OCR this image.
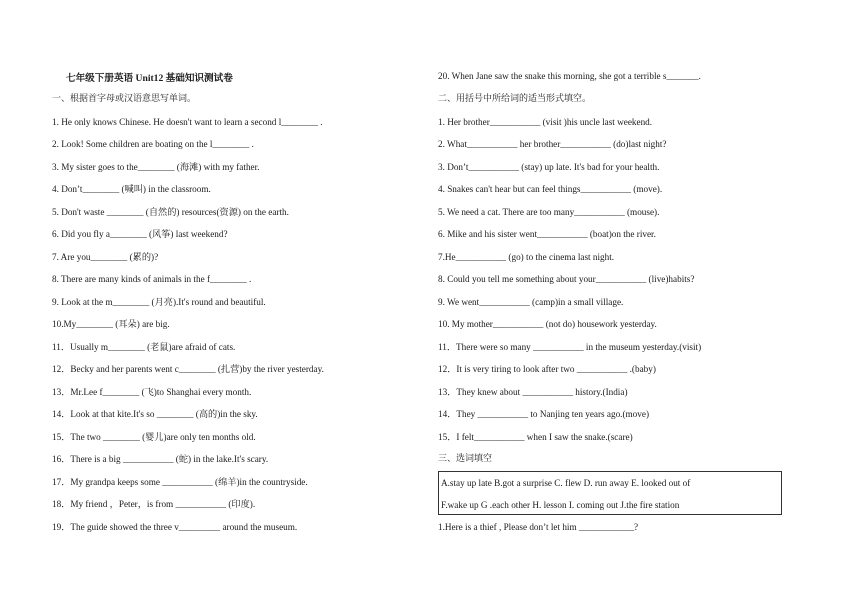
七年级下册英语 Unit12 基础知识测试卷
一、根据首字母或汉语意思写单词。
1. He only knows Chinese. He doesn't want to learn a second l________ .
2. Look! Some children are boating on the l________ .
3. My sister goes to the________ (海滩) with my father.
4. Don’t________ (喊叫) in the classroom.
5. Don't waste ________ (自然的) resources(资源) on the earth.
6. Did you fly a________ (风筝) last weekend?
7. Are you________ (累的)?
8. There are many kinds of animals in the f________ .
9. Look at the m________ (月亮).It's round and beautiful.
10.My________ (耳朵) are big.
11．Usually m________ (老鼠)are afraid of cats.
12．Becky and her parents went c________ (扎营)by the river yesterday.
13．Mr.Lee f________ (飞)to Shanghai every month.
14．Look at that kite.It's so ________ (高的)in the sky.
15．The two ________ (婴儿)are only ten months old.
16．There is a big ___________ (蛇) in the lake.It's scary.
17．My grandpa keeps some ___________ (绵羊)in the countryside.
18．My friend ，Peter，is from ___________ (印度).
19．The guide showed the three v_________ around the museum.
20. When Jane saw the snake this morning, she got a terrible s_______.
二、用括号中所给词的适当形式填空。
1. Her brother___________ (visit )his uncle last weekend.
2. What___________ her brother___________ (do)last night?
3. Don’t___________ (stay) up late. It's bad for your health.
4. Snakes can't hear but can feel things___________ (move).
5. We need a cat. There are too many___________ (mouse).
6. Mike and his sister went___________ (boat)on the river.
7.He___________ (go) to the cinema last night.
8. Could you tell me something about your___________ (live)habits?
9. We went___________ (camp)in a small village.
10. My mother___________ (not do) housework yesterday.
11．There were so many ___________ in the museum yesterday.(visit)
12．It is very tiring to look after two ___________ .(baby)
13．They knew about ___________ history.(India)
14．They ___________ to Nanjing ten years ago.(move)
15．I felt___________ when I saw the snake.(scare)
三、选词填空
1.Here is a thief , Please don’t let him ____________?
A.stay up late B.got a surprise C. flew D. run away E. looked out of
F.wake up G .each other H. lesson I. coming out J.the fire station
